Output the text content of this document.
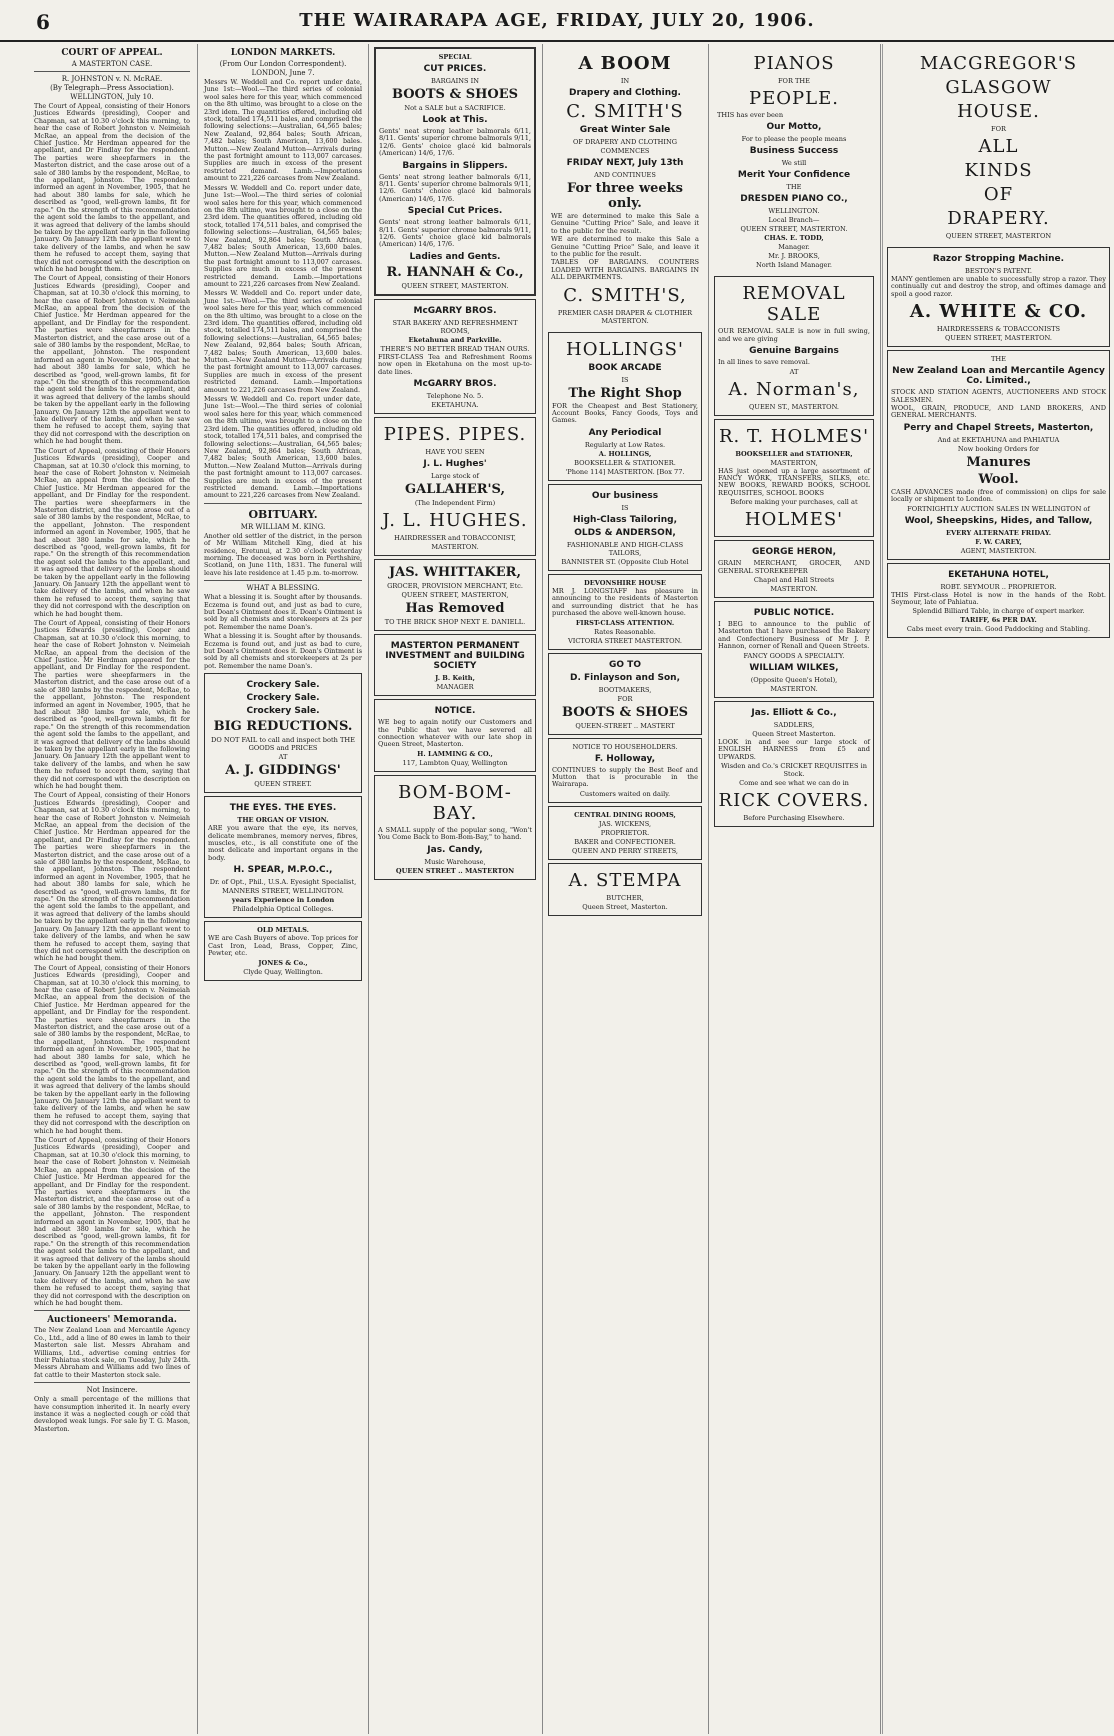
6	THE WAIRARAPA AGE, FRIDAY, JULY 20, 1906.
COURT OF APPEAL.
A MASTERTON CASE.
R. JOHNSTON v. N. McRAE.
(By Telegraph—Press Association).
WELLINGTON, July 10.

The Court of Appeal, consisting of their Honors Justices Edwards (presiding), Cooper and Chapman, sat at 10.30 o'clock this morning, to hear the case of Robert Johnston v. Neimeiah McRae, an appeal from the decision of the Chief Justice. Mr Herdman appeared for the appellant, and Dr Findlay for the respondent. The parties were sheepfarmers in the Masterton district, and the case arose out of a sale of 380 lambs by the respondent, McRae, to the appellant, Johnston. The respondent informed an agent in November, 1905, that he had about 380 lambs for sale, which he described as "good, well-grown lambs, fit for rape." On the strength of this recommendation the agent sold the lambs to the appellant, and it was agreed that delivery of the lambs should be taken by the appellant early in the following January. On January 12th the appellant went to take delivery of the lambs, and when he saw them he refused to accept them, saying that they did not correspond with the description on which he had bought them.

The Court of Appeal, consisting of their Honors Justices Edwards (presiding), Cooper and Chapman, sat at 10.30 o'clock this morning, to hear the case of Robert Johnston v. Neimeiah McRae, an appeal from the decision of the Chief Justice. Mr Herdman appeared for the appellant, and Dr Findlay for the respondent. The parties were sheepfarmers in the Masterton district, and the case arose out of a sale of 380 lambs by the respondent, McRae, to the appellant, Johnston. The respondent informed an agent in November, 1905, that he had about 380 lambs for sale, which he described as "good, well-grown lambs, fit for rape." On the strength of this recommendation the agent sold the lambs to the appellant, and it was agreed that delivery of the lambs should be taken by the appellant early in the following January. On January 12th the appellant went to take delivery of the lambs, and when he saw them he refused to accept them, saying that they did not correspond with the description on which he had bought them.

The Court of Appeal, consisting of their Honors Justices Edwards (presiding), Cooper and Chapman, sat at 10.30 o'clock this morning, to hear the case of Robert Johnston v. Neimeiah McRae, an appeal from the decision of the Chief Justice. Mr Herdman appeared for the appellant, and Dr Findlay for the respondent. The parties were sheepfarmers in the Masterton district, and the case arose out of a sale of 380 lambs by the respondent, McRae, to the appellant, Johnston. The respondent informed an agent in November, 1905, that he had about 380 lambs for sale, which he described as "good, well-grown lambs, fit for rape." On the strength of this recommendation the agent sold the lambs to the appellant, and it was agreed that delivery of the lambs should be taken by the appellant early in the following January. On January 12th the appellant went to take delivery of the lambs, and when he saw them he refused to accept them, saying that they did not correspond with the description on which he had bought them.

The Court of Appeal, consisting of their Honors Justices Edwards (presiding), Cooper and Chapman, sat at 10.30 o'clock this morning, to hear the case of Robert Johnston v. Neimeiah McRae, an appeal from the decision of the Chief Justice. Mr Herdman appeared for the appellant, and Dr Findlay for the respondent. The parties were sheepfarmers in the Masterton district, and the case arose out of a sale of 380 lambs by the respondent, McRae, to the appellant, Johnston. The respondent informed an agent in November, 1905, that he had about 380 lambs for sale, which he described as "good, well-grown lambs, fit for rape." On the strength of this recommendation the agent sold the lambs to the appellant, and it was agreed that delivery of the lambs should be taken by the appellant early in the following January. On January 12th the appellant went to take delivery of the lambs, and when he saw them he refused to accept them, saying that they did not correspond with the description on which he had bought them.

The Court of Appeal, consisting of their Honors Justices Edwards (presiding), Cooper and Chapman, sat at 10.30 o'clock this morning, to hear the case of Robert Johnston v. Neimeiah McRae, an appeal from the decision of the Chief Justice. Mr Herdman appeared for the appellant, and Dr Findlay for the respondent. The parties were sheepfarmers in the Masterton district, and the case arose out of a sale of 380 lambs by the respondent, McRae, to the appellant, Johnston. The respondent informed an agent in November, 1905, that he had about 380 lambs for sale, which he described as "good, well-grown lambs, fit for rape." On the strength of this recommendation the agent sold the lambs to the appellant, and it was agreed that delivery of the lambs should be taken by the appellant early in the following January. On January 12th the appellant went to take delivery of the lambs, and when he saw them he refused to accept them, saying that they did not correspond with the description on which he had bought them.

The Court of Appeal, consisting of their Honors Justices Edwards (presiding), Cooper and Chapman, sat at 10.30 o'clock this morning, to hear the case of Robert Johnston v. Neimeiah McRae, an appeal from the decision of the Chief Justice. Mr Herdman appeared for the appellant, and Dr Findlay for the respondent. The parties were sheepfarmers in the Masterton district, and the case arose out of a sale of 380 lambs by the respondent, McRae, to the appellant, Johnston. The respondent informed an agent in November, 1905, that he had about 380 lambs for sale, which he described as "good, well-grown lambs, fit for rape." On the strength of this recommendation the agent sold the lambs to the appellant, and it was agreed that delivery of the lambs should be taken by the appellant early in the following January. On January 12th the appellant went to take delivery of the lambs, and when he saw them he refused to accept them, saying that they did not correspond with the description on which he had bought them.

The Court of Appeal, consisting of their Honors Justices Edwards (presiding), Cooper and Chapman, sat at 10.30 o'clock this morning, to hear the case of Robert Johnston v. Neimeiah McRae, an appeal from the decision of the Chief Justice. Mr Herdman appeared for the appellant, and Dr Findlay for the respondent. The parties were sheepfarmers in the Masterton district, and the case arose out of a sale of 380 lambs by the respondent, McRae, to the appellant, Johnston. The respondent informed an agent in November, 1905, that he had about 380 lambs for sale, which he described as "good, well-grown lambs, fit for rape." On the strength of this recommendation the agent sold the lambs to the appellant, and it was agreed that delivery of the lambs should be taken by the appellant early in the following January. On January 12th the appellant went to take delivery of the lambs, and when he saw them he refused to accept them, saying that they did not correspond with the description on which he had bought them.

Auctioneers' Memoranda.

The New Zealand Loan and Mercantile Agency Co., Ltd., add a line of 80 ewes in lamb to their Masterton sale list. Messrs Abraham and Williams, Ltd., advertise coming entries for their Pahiatua stock sale, on Tuesday, July 24th. Messrs Abraham and Williams add two lines of fat cattle to their Masterton stock sale.

Not Insincere.

Only a small percentage of the millions that have consumption inherited it. In nearly every instance it was a neglected cough or cold that developed weak lungs. For sale by T. G. Mason, Masterton.

LONDON MARKETS.
(From Our London Correspondent).
LONDON, June 7.

Messrs W. Weddell and Co. report under date, June 1st:—Wool.—The third series of colonial wool sales here for this year, which commenced on the 8th ultimo, was brought to a close on the 23rd idem. The quantities offered, including old stock, totalled 174,511 bales, and comprised the following selections:—Australian, 64,565 bales; New Zealand, 92,864 bales; South African, 7,482 bales; South American, 13,600 bales. Mutton.—New Zealand Mutton—Arrivals during the past fortnight amount to 113,007 carcases. Supplies are much in excess of the present restricted demand. Lamb.—Importations amount to 221,226 carcases from New Zealand.

Messrs W. Weddell and Co. report under date, June 1st:—Wool.—The third series of colonial wool sales here for this year, which commenced on the 8th ultimo, was brought to a close on the 23rd idem. The quantities offered, including old stock, totalled 174,511 bales, and comprised the following selections:—Australian, 64,565 bales; New Zealand, 92,864 bales; South African, 7,482 bales; South American, 13,600 bales. Mutton.—New Zealand Mutton—Arrivals during the past fortnight amount to 113,007 carcases. Supplies are much in excess of the present restricted demand. Lamb.—Importations amount to 221,226 carcases from New Zealand.

Messrs W. Weddell and Co. report under date, June 1st:—Wool.—The third series of colonial wool sales here for this year, which commenced on the 8th ultimo, was brought to a close on the 23rd idem. The quantities offered, including old stock, totalled 174,511 bales, and comprised the following selections:—Australian, 64,565 bales; New Zealand, 92,864 bales; South African, 7,482 bales; South American, 13,600 bales. Mutton.—New Zealand Mutton—Arrivals during the past fortnight amount to 113,007 carcases. Supplies are much in excess of the present restricted demand. Lamb.—Importations amount to 221,226 carcases from New Zealand.

Messrs W. Weddell and Co. report under date, June 1st:—Wool.—The third series of colonial wool sales here for this year, which commenced on the 8th ultimo, was brought to a close on the 23rd idem. The quantities offered, including old stock, totalled 174,511 bales, and comprised the following selections:—Australian, 64,565 bales; New Zealand, 92,864 bales; South African, 7,482 bales; South American, 13,600 bales. Mutton.—New Zealand Mutton—Arrivals during the past fortnight amount to 113,007 carcases. Supplies are much in excess of the present restricted demand. Lamb.—Importations amount to 221,226 carcases from New Zealand.

OBITUARY.
MR WILLIAM M. KING.

Another old settler of the district, in the person of Mr William Mitchell King, died at his residence, Eretunui, at 2.30 o'clock yesterday morning. The deceased was born in Perthshire, Scotland, on June 11th, 1831. The funeral will leave his late residence at 1.45 p.m. to-morrow.

WHAT A BLESSING.

What a blessing it is. Sought after by thousands. Eczema is found out, and just as bad to cure, but Doan's Ointment does it. Doan's Ointment is sold by all chemists and storekeepers at 2s per pot. Remember the name Doan's.

What a blessing it is. Sought after by thousands. Eczema is found out, and just as bad to cure, but Doan's Ointment does it. Doan's Ointment is sold by all chemists and storekeepers at 2s per pot. Remember the name Doan's.

Crockery Sale.
Crockery Sale.
Crockery Sale.
BIG REDUCTIONS.

DO NOT FAIL to call and inspect both THE GOODS and PRICES

AT

A. J. GIDDINGS'

QUEEN STREET.

THE EYES. THE EYES.

THE ORGAN OF VISION.

ARE you aware that the eye, its nerves, delicate membranes, memory nerves, fibres, muscles, etc., is all constitute one of the most delicate and important organs in the body.

H. SPEAR, M.P.O.C.,

Dr. of Opt., Phil., U.S.A. Eyesight Specialist,

MANNERS STREET, WELLINGTON.

years Experience in London

Philadelphia Optical Colleges.

OLD METALS.

WE are Cash Buyers of above. Top prices for Cast Iron, Lead, Brass, Copper, Zinc, Pewter, etc.

JONES & Co.,

Clyde Quay, Wellington.

SPECIAL

CUT PRICES.

BARGAINS IN

BOOTS & SHOES

Not a SALE but a SACRIFICE.

Look at This.

Gents' neat strong leather balmorals 6/11, 8/11. Gents' superior chrome balmorals 9/11, 12/6. Gents' choice glacé kid balmorals (American) 14/6, 17/6.

Bargains in Slippers.

Gents' neat strong leather balmorals 6/11, 8/11. Gents' superior chrome balmorals 9/11, 12/6. Gents' choice glacé kid balmorals (American) 14/6, 17/6.

Special Cut Prices.

Gents' neat strong leather balmorals 6/11, 8/11. Gents' superior chrome balmorals 9/11, 12/6. Gents' choice glacé kid balmorals (American) 14/6, 17/6.

Ladies and Gents.
R. HANNAH & Co.,

QUEEN STREET, MASTERTON.

McGARRY BROS.

STAR BAKERY AND REFRESHMENT ROOMS,

Eketahuna and Parkville.

THERE'S NO BETTER BREAD THAN OURS.

FIRST-CLASS Tea and Refreshment Rooms now open in Eketahuna on the most up-to-date lines.

McGARRY BROS.

Telephone No. 5.

EKETAHUNA.

PIPES. PIPES.

HAVE YOU SEEN

J. L. Hughes'

Large stock of

GALLAHER'S,

(The Independent Firm)

J. L. HUGHES.

HAIRDRESSER and TOBACCONIST,

MASTERTON.

JAS. WHITTAKER,

GROCER, PROVISION MERCHANT, Etc.

QUEEN STREET, MASTERTON,

Has Removed

TO THE BRICK SHOP NEXT E. DANIELL.

MASTERTON PERMANENT INVESTMENT and BUILDING SOCIETY

J. B. Keith,

MANAGER

NOTICE.

WE beg to again notify our Customers and the Public that we have severed all connection whatever with our late shop in Queen Street, Masterton.

H. LAMMING & CO.,

117, Lambton Quay, Wellington

BOM-BOM-BAY.

A SMALL supply of the popular song, "Won't You Come Back to Bom-Bom-Bay," to hand.

Jas. Candy,

Music Warehouse,

QUEEN STREET .. MASTERTON

A BOOM

IN

Drapery and Clothing.
C. SMITH'S
Great Winter Sale

OF DRAPERY AND CLOTHING

COMMENCES

FRIDAY NEXT, July 13th

AND CONTINUES

For three weeks only.

WE are determined to make this Sale a Genuine "Cutting Price" Sale, and leave it to the public for the result.

WE are determined to make this Sale a Genuine "Cutting Price" Sale, and leave it to the public for the result.

TABLES OF BARGAINS. COUNTERS LOADED WITH BARGAINS. BARGAINS IN ALL DEPARTMENTS.

C. SMITH'S,

PREMIER CASH DRAPER & CLOTHIER MASTERTON.

HOLLINGS'
BOOK ARCADE

IS

The Right Shop

FOR the Cheapest and Best Stationery, Account Books, Fancy Goods, Toys and Games.

Any Periodical

Regularly at Low Rates.

A. HOLLINGS,

BOOKSELLER & STATIONER.

'Phone 114] MASTERTON. [Box 77.

Our business

IS

High-Class Tailoring,
OLDS & ANDERSON,

FASHIONABLE AND HIGH-CLASS TAILORS,

BANNISTER ST. (Opposite Club Hotel

DEVONSHIRE HOUSE

MR J. LONGSTAFF has pleasure in announcing to the residents of Masterton and surrounding district that he has purchased the above well-known house.

FIRST-CLASS ATTENTION.

Rates Reasonable.

VICTORIA STREET MASTERTON.

GO TO
D. Finlayson and Son,

BOOTMAKERS,

FOR

BOOTS & SHOES

QUEEN-STREET .. MASTERT

NOTICE TO HOUSEHOLDERS.

F. Holloway,

CONTINUES to supply the Best Beef and Mutton that is procurable in the Wairarapa.

Customers waited on daily.

CENTRAL DINING ROOMS,

JAS. WICKENS,

PROPRIETOR.

BAKER and CONFECTIONER.

QUEEN AND PERRY STREETS,

A. STEMPA

BUTCHER,

Queen Street, Masterton.

PIANOS

FOR THE

PEOPLE.

THIS has ever been

Our Motto,

For to please the people means

Business Success

We still

Merit Your Confidence

THE

DRESDEN PIANO CO.,

WELLINGTON.

Local Branch—

QUEEN STREET, MASTERTON.

CHAS. E. TODD,

Manager.

Mr. J. BROOKS,

North Island Manager.

REMOVAL SALE

OUR REMOVAL SALE is now in full swing, and we are giving

Genuine Bargains

In all lines to save removal.

AT

A. Norman's,

QUEEN ST., MASTERTON.

R. T. HOLMES'

BOOKSELLER and STATIONER,

MASTERTON,

HAS just opened up a large assortment of FANCY WORK, TRANSFERS, SILKS, etc. NEW BOOKS, REWARD BOOKS, SCHOOL REQUISITES, SCHOOL BOOKS

Before making your purchases, call at

HOLMES'
GEORGE HERON,

GRAIN MERCHANT, GROCER, AND GENERAL STOREKEEPER

Chapel and Hall Streets

MASTERTON.

PUBLIC NOTICE.

I BEG to announce to the public of Masterton that I have purchased the Bakery and Confectionery Business of Mr J. P. Hannon, corner of Renall and Queen Streets.

FANCY GOODS A SPECIALTY.

WILLIAM WILKES,

(Opposite Queen's Hotel),

MASTERTON.

Jas. Elliott & Co.,

SADDLERS,

Queen Street Masterton.

LOOK in and see our large stock of ENGLISH HARNESS from £5 and UPWARDS.

Wisden and Co.'s CRICKET REQUISITES in Stock.

Come and see what we can do in

RICK COVERS.

Before Purchasing Elsewhere.

MACGREGOR'S
GLASGOW
HOUSE.

FOR

ALL
KINDS
OF
DRAPERY.

QUEEN STREET, MASTERTON

Razor Stropping Machine.

BESTON'S PATENT.

MANY gentlemen are unable to successfully strop a razor. They continually cut and destroy the strop, and oftimes damage and spoil a good razor.

A. WHITE & CO.

HAIRDRESSERS & TOBACCONISTS

QUEEN STREET, MASTERTON.

THE

New Zealand Loan and Mercantile Agency Co. Limited.,

STOCK AND STATION AGENTS, AUCTIONEERS AND STOCK SALESMEN.

WOOL, GRAIN, PRODUCE, AND LAND BROKERS, AND GENERAL MERCHANTS.

Perry and Chapel Streets, Masterton,

And at EKETAHUNA and PAHIATUA

Now booking Orders for

Manures
Wool.

CASH ADVANCES made (free of commission) on clips for sale locally or shipment to London.

FORTNIGHTLY AUCTION SALES IN WELLINGTON of

Wool, Sheepskins, Hides, and Tallow,

EVERY ALTERNATE FRIDAY.

F. W. CAREY,

AGENT, MASTERTON.

EKETAHUNA HOTEL,

ROBT. SEYMOUR .. PROPRIETOR.

THIS First-class Hotel is now in the hands of the Robt. Seymour, late of Pahiatua.

Splendid Billiard Table, in charge of expert marker.

TARIFF, 6s PER DAY.

Cabs meet every train. Good Paddocking and Stabling.
